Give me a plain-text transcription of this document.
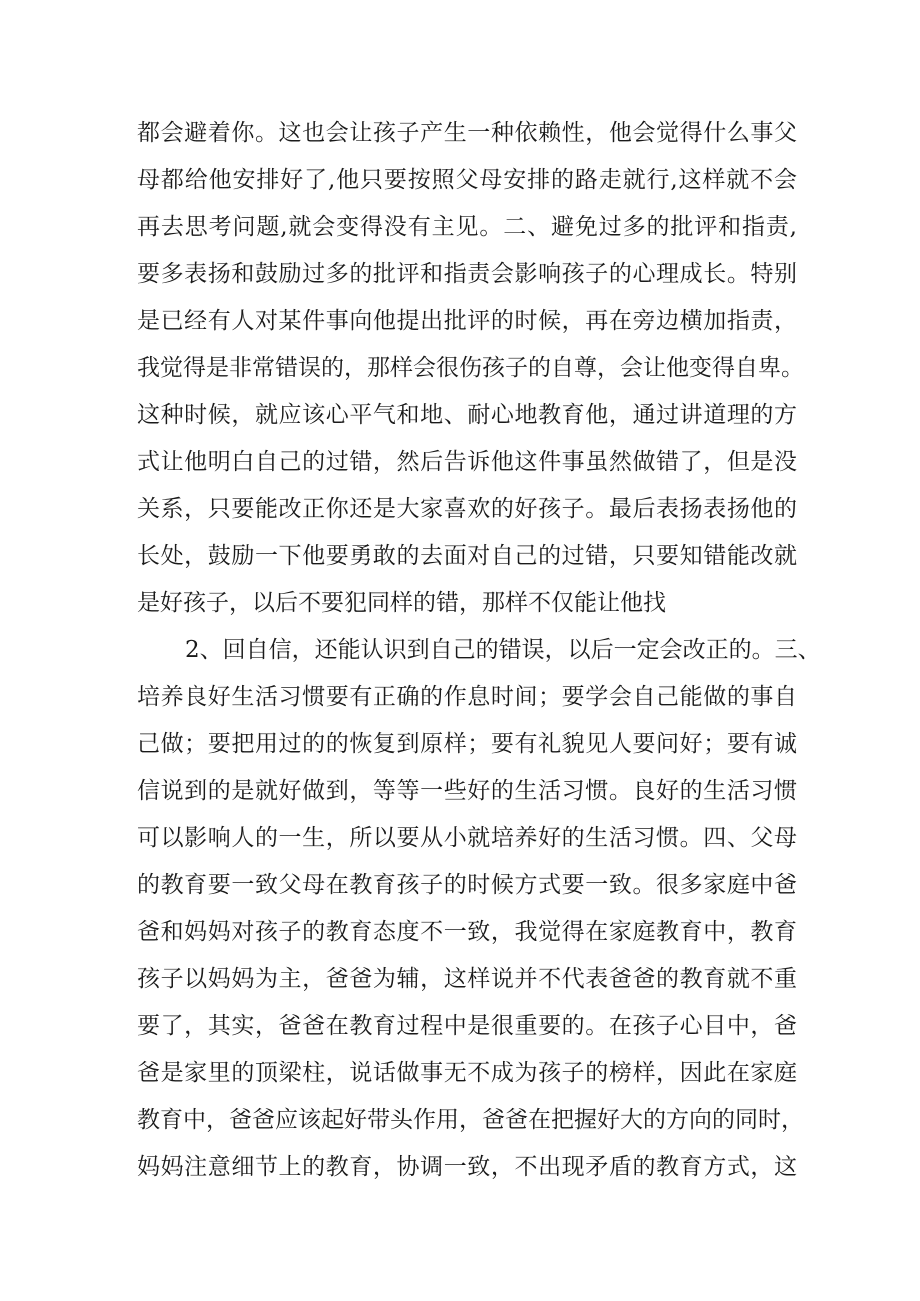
都会避着你。这也会让孩子产生一种依赖性，他会觉得什么事父
母都给他安排好了,他只要按照父母安排的路走就行,这样就不会
再去思考问题,就会变得没有主见。二、避免过多的批评和指责,
要多表扬和鼓励过多的批评和指责会影响孩子的心理成长。特别
是已经有人对某件事向他提出批评的时候，再在旁边横加指责，
我觉得是非常错误的，那样会很伤孩子的自尊，会让他变得自卑。
这种时候，就应该心平气和地、耐心地教育他，通过讲道理的方
式让他明白自己的过错，然后告诉他这件事虽然做错了，但是没
关系，只要能改正你还是大家喜欢的好孩子。最后表扬表扬他的
长处，鼓励一下他要勇敢的去面对自己的过错，只要知错能改就
是好孩子，以后不要犯同样的错，那样不仅能让他找
2、回自信，还能认识到自己的错误，以后一定会改正的。三、
培养良好生活习惯要有正确的作息时间；要学会自己能做的事自
己做；要把用过的的恢复到原样；要有礼貌见人要问好；要有诚
信说到的是就好做到，等等一些好的生活习惯。良好的生活习惯
可以影响人的一生，所以要从小就培养好的生活习惯。四、父母
的教育要一致父母在教育孩子的时候方式要一致。很多家庭中爸
爸和妈妈对孩子的教育态度不一致，我觉得在家庭教育中，教育
孩子以妈妈为主，爸爸为辅，这样说并不代表爸爸的教育就不重
要了，其实，爸爸在教育过程中是很重要的。在孩子心目中，爸
爸是家里的顶梁柱，说话做事无不成为孩子的榜样，因此在家庭
教育中，爸爸应该起好带头作用，爸爸在把握好大的方向的同时，
妈妈注意细节上的教育，协调一致，不出现矛盾的教育方式，这
